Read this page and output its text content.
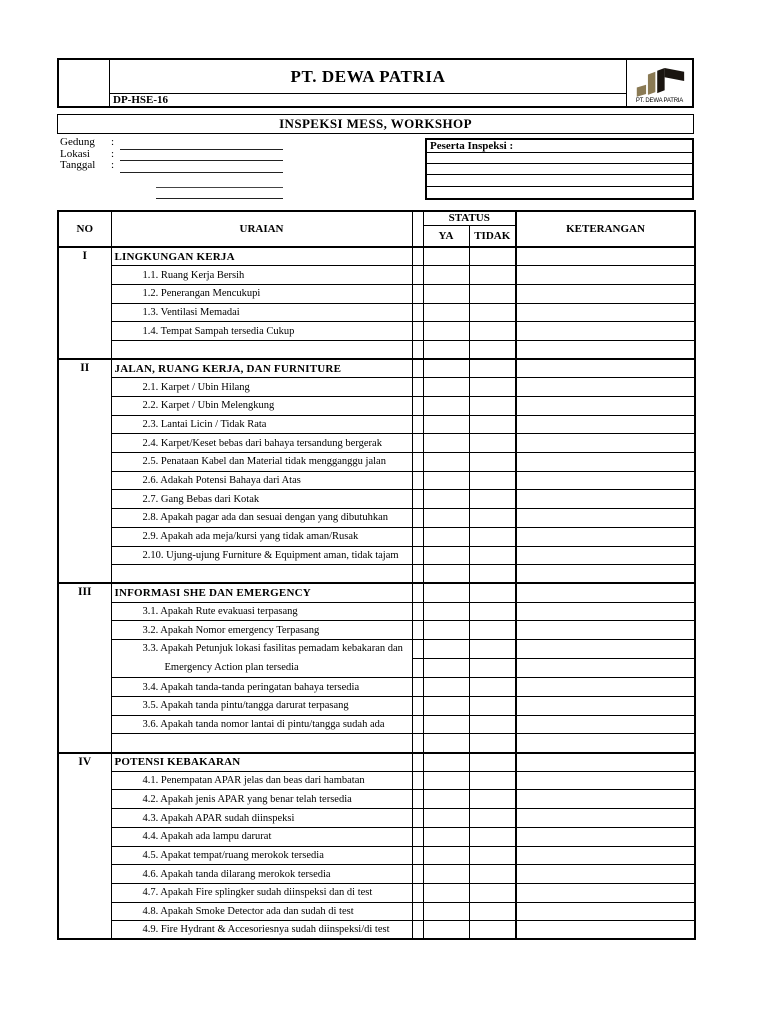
PT. DEWA PATRIA
DP-HSE-16	PT. DEWA PATRIA
INSPEKSI MESS, WORKSHOP
Gedung	:
Lokasi	:
Tanggal	:
Peserta Inspeksi :
NO	URAIAN		STATUS		KETERANGAN
			YA	TIDAK	
I	LINGKUNGAN KERJA				
	1.1. Ruang Kerja Bersih				
	1.2. Penerangan Mencukupi				
	1.3. Ventilasi Memadai				
	1.4. Tempat Sampah tersedia Cukup				

II	JALAN, RUANG KERJA, DAN FURNITURE				
	2.1. Karpet / Ubin Hilang				
	2.2. Karpet / Ubin Melengkung				
	2.3. Lantai Licin / Tidak Rata				
	2.4. Karpet/Keset bebas dari bahaya tersandung bergerak				
	2.5. Penataan Kabel dan Material tidak mengganggu jalan				
	2.6. Adakah Potensi Bahaya dari Atas				
	2.7. Gang Bebas dari Kotak				
	2.8. Apakah pagar ada dan sesuai dengan yang dibutuhkan				
	2.9. Apakah ada meja/kursi yang tidak aman/Rusak				
	2.10. Ujung-ujung Furniture & Equipment aman, tidak tajam				

III	INFORMASI SHE DAN EMERGENCY				
	3.1. Apakah Rute evakuasi terpasang				
	3.2. Apakah Nomor emergency Terpasang				

	3.3. Apakah Petunjuk lokasi fasilitas pemadam kebakaran dan
Emergency Action plan tersedia				

	3.4. Apakah tanda-tanda peringatan bahaya tersedia				
	3.5. Apakah tanda pintu/tangga darurat terpasang				
	3.6. Apakah tanda nomor lantai di pintu/tangga sudah ada				

IV	POTENSI KEBAKARAN				
	4.1. Penempatan APAR jelas dan beas dari hambatan				
	4.2. Apakah jenis APAR yang benar telah tersedia				
	4.3. Apakah APAR sudah diinspeksi				
	4.4. Apakah ada lampu darurat				
	4.5. Apakat tempat/ruang merokok tersedia				
	4.6. Apakah tanda dilarang merokok tersedia				
	4.7. Apakah Fire splingker sudah diinspeksi dan di test				
	4.8. Apakah Smoke Detector ada dan sudah di test				
	4.9. Fire Hydrant & Accesoriesnya sudah diinspeksi/di test				
